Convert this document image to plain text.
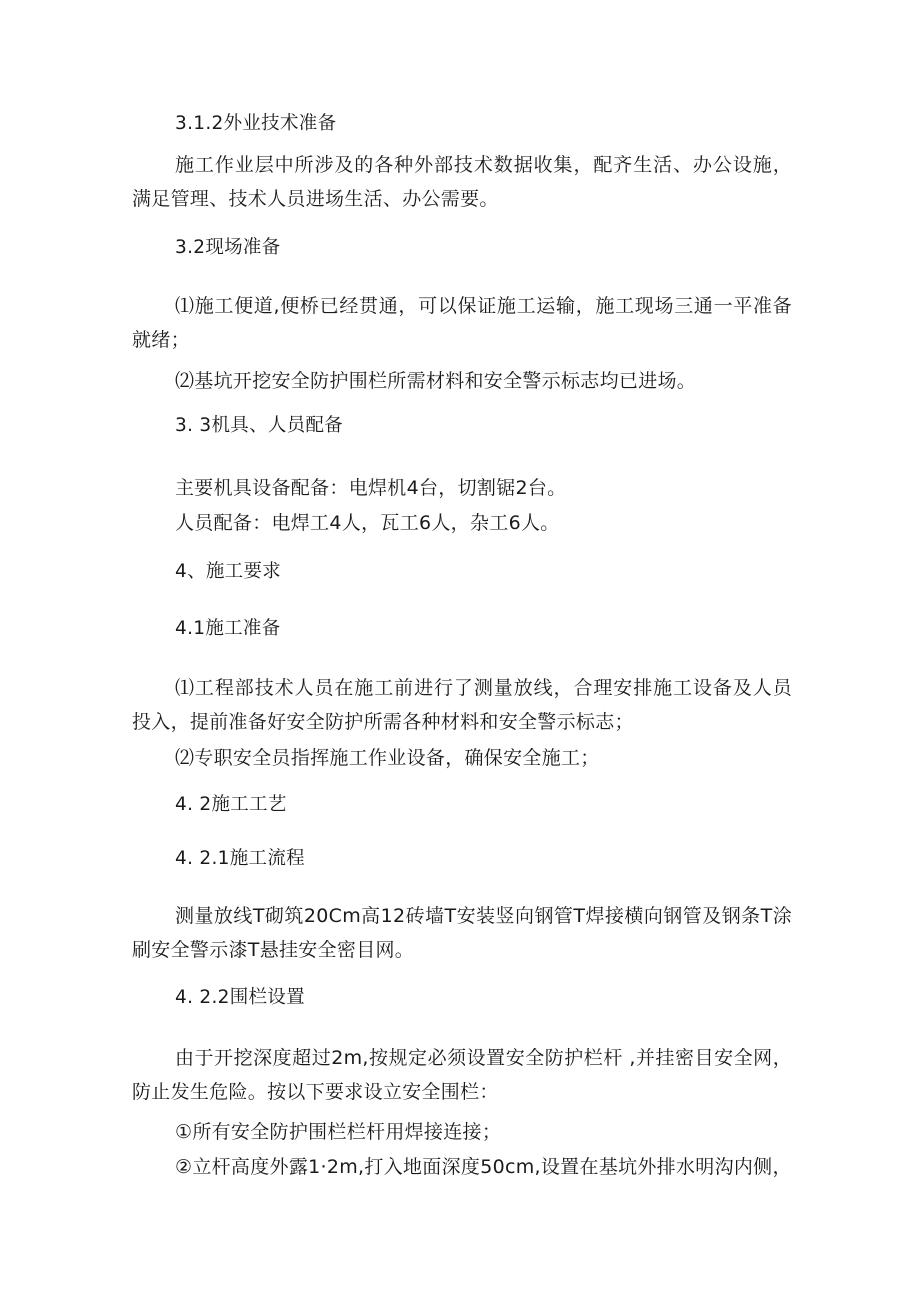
3.1.2外业技术准备
施工作业层中所涉及的各种外部技术数据收集，配齐生活、办公设施，满足管理、技术人员进场生活、办公需要。
3.2现场准备
⑴施工便道,便桥已经贯通，可以保证施工运输，施工现场三通一平准备就绪；
⑵基坑开挖安全防护围栏所需材料和安全警示标志均已进场。
3. 3机具、人员配备
主要机具设备配备：电焊机4台，切割锯2台。
人员配备：电焊工4人，瓦工6人，杂工6人。
4、施工要求
4.1施工准备
⑴工程部技术人员在施工前进行了测量放线，合理安排施工设备及人员投入，提前准备好安全防护所需各种材料和安全警示标志；
⑵专职安全员指挥施工作业设备，确保安全施工；
4. 2施工工艺
4. 2.1施工流程
测量放线T砌筑20Cm高12砖墙T安装竖向钢管T焊接横向钢管及钢条T涂刷安全警示漆T悬挂安全密目网。
4. 2.2围栏设置
由于开挖深度超过2m,按规定必须设置安全防护栏杆 ,并挂密目安全网，防止发生危险。按以下要求设立安全围栏：
①所有安全防护围栏栏杆用焊接连接；
②立杆高度外露1·2m,打入地面深度50cm,设置在基坑外排水明沟内侧，
